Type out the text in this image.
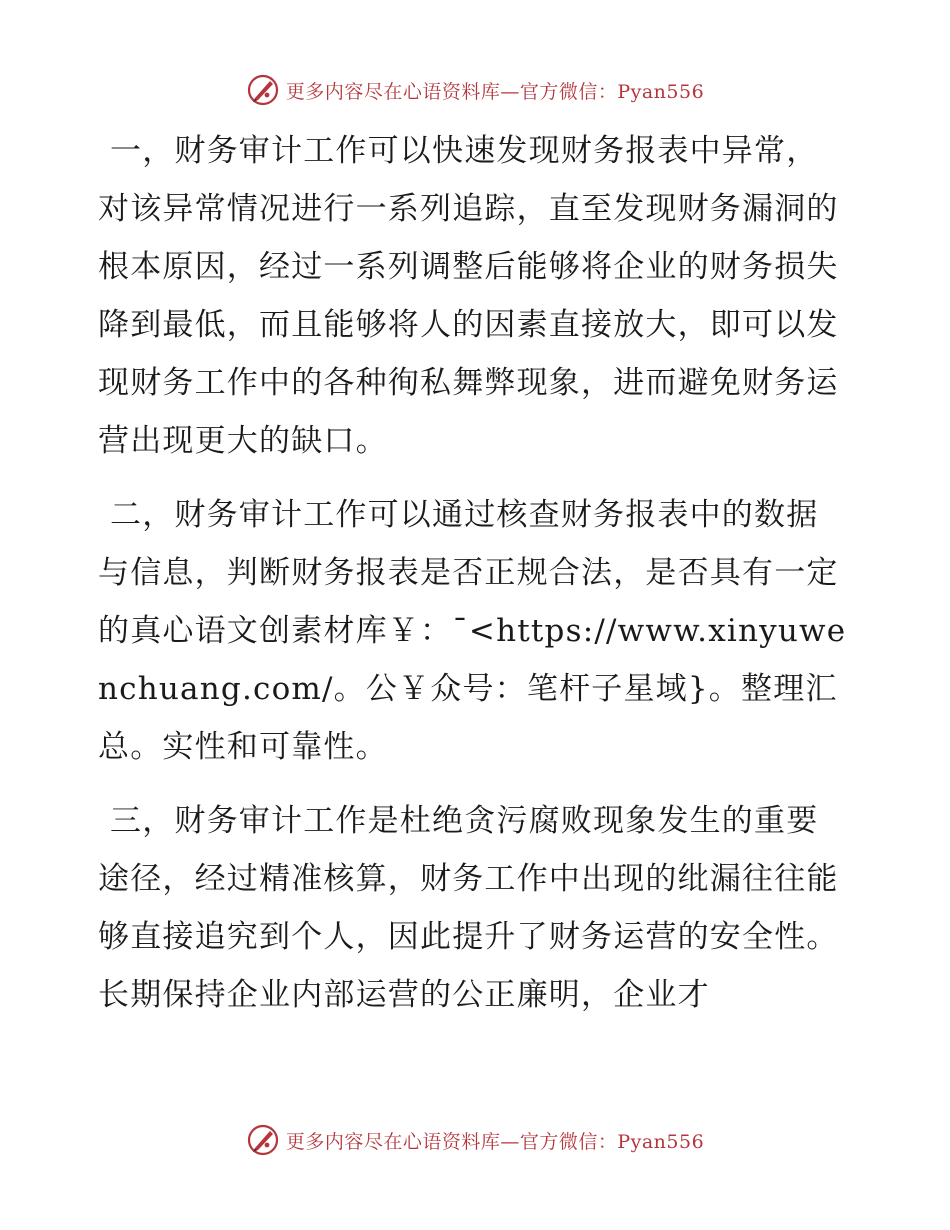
更多内容尽在心语资料库—官方微信：Pyan556

一，财务审计工作可以快速发现财务报表中异常，对该异常情况进行一系列追踪，直至发现财务漏洞的根本原因，经过一系列调整后能够将企业的财务损失降到最低，而且能够将人的因素直接放大，即可以发现财务工作中的各种徇私舞弊现象，进而避免财务运营出现更大的缺口。

二，财务审计工作可以通过核查财务报表中的数据与信息，判断财务报表是否正规合法，是否具有一定的真心语文创素材库￥：¯<https://www.xinyuwenchuang.com/。公￥众号：笔杆子星域}。整理汇总。实性和可靠性。

三，财务审计工作是杜绝贪污腐败现象发生的重要途径，经过精准核算，财务工作中出现的纰漏往往能够直接追究到个人，因此提升了财务运营的安全性。长期保持企业内部运营的公正廉明，企业才

更多内容尽在心语资料库—官方微信：Pyan556
